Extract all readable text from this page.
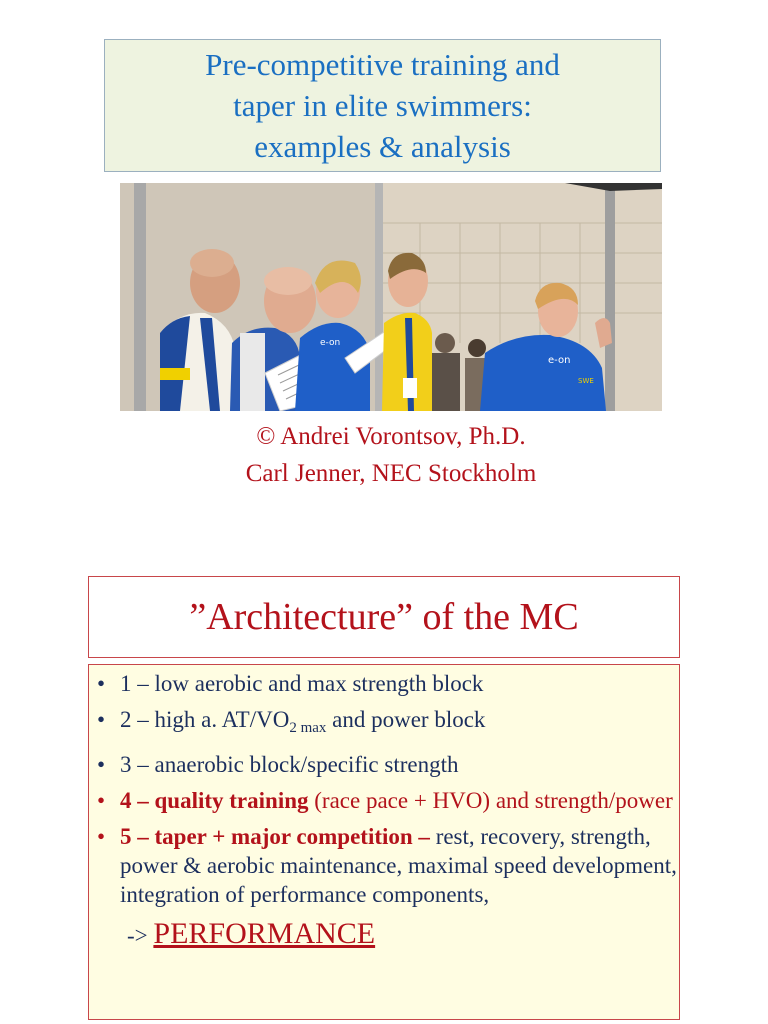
Pre-competitive training and
taper in elite swimmers:
examples & analysis
e-on
e-on
SWE
© Andrei Vorontsov, Ph.D.
Carl Jenner, NEC Stockholm
”Architecture” of the MC
• 1 – low aerobic and max strength block
• 2 – high a. $AT/VO_{2 max}$ and power block
• 3 – anaerobic block/specific strength
• 4 – quality training (race pace + HVO) and strength/power
• 5 – taper + major competition – rest, recovery, strength, power & aerobic maintenance, maximal speed development, integration of performance components,
-> PERFORMANCE
